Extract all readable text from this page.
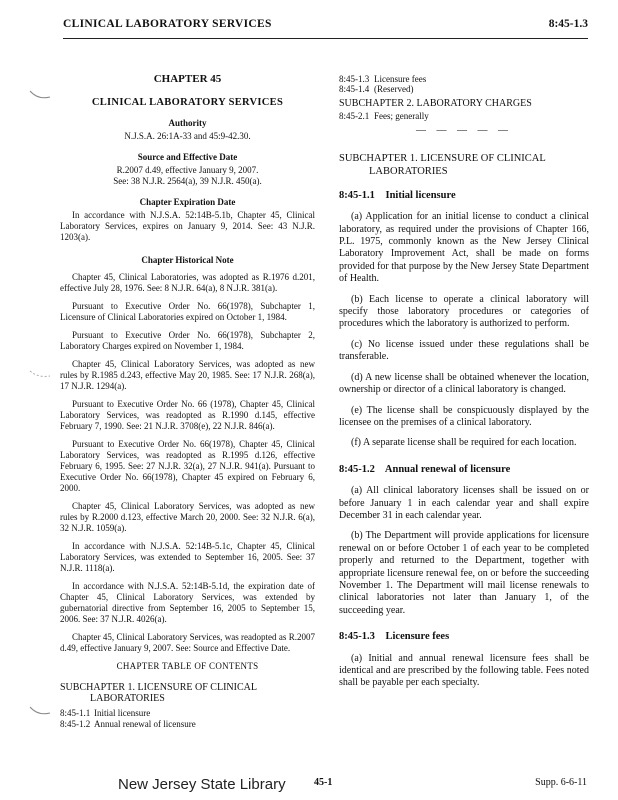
CLINICAL LABORATORY SERVICES	8:45-1.3
CHAPTER 45
CLINICAL LABORATORY SERVICES
Authority
N.J.S.A. 26:1A-33 and 45:9-42.30.
Source and Effective Date
R.2007 d.49, effective January 9, 2007.
See: 38 N.J.R. 2564(a), 39 N.J.R. 450(a).
Chapter Expiration Date

In accordance with N.J.S.A. 52:14B-5.1b, Chapter 45, Clinical Laboratory Services, expires on January 9, 2014. See: 43 N.J.R. 1203(a).

Chapter Historical Note

Chapter 45, Clinical Laboratories, was adopted as R.1976 d.201, effective July 28, 1976. See: 8 N.J.R. 64(a), 8 N.J.R. 381(a).

Pursuant to Executive Order No. 66(1978), Subchapter 1, Licensure of Clinical Laboratories expired on October 1, 1984.

Pursuant to Executive Order No. 66(1978), Subchapter 2, Laboratory Charges expired on November 1, 1984.

Chapter 45, Clinical Laboratory Services, was adopted as new rules by R.1985 d.243, effective May 20, 1985. See: 17 N.J.R. 268(a), 17 N.J.R. 1294(a).

Pursuant to Executive Order No. 66 (1978), Chapter 45, Clinical Laboratory Services, was readopted as R.1990 d.145, effective February 7, 1990. See: 21 N.J.R. 3708(e), 22 N.J.R. 846(a).

Pursuant to Executive Order No. 66(1978), Chapter 45, Clinical Laboratory Services, was readopted as R.1995 d.126, effective February 6, 1995. See: 27 N.J.R. 32(a), 27 N.J.R. 941(a). Pursuant to Executive Order No. 66(1978), Chapter 45 expired on February 6, 2000.

Chapter 45, Clinical Laboratory Services, was adopted as new rules by R.2000 d.123, effective March 20, 2000. See: 32 N.J.R. 6(a), 32 N.J.R. 1059(a).

In accordance with N.J.S.A. 52:14B-5.1c, Chapter 45, Clinical Laboratory Services, was extended to September 16, 2005. See: 37 N.J.R. 1118(a).

In accordance with N.J.S.A. 52:14B-5.1d, the expiration date of Chapter 45, Clinical Laboratory Services, was extended by gubernatorial directive from September 16, 2005 to September 15, 2006. See: 37 N.J.R. 4026(a).

Chapter 45, Clinical Laboratory Services, was readopted as R.2007 d.49, effective January 9, 2007. See: Source and Effective Date.

CHAPTER TABLE OF CONTENTS
SUBCHAPTER 1. LICENSURE OF CLINICAL
LABORATORIES
8:45-1.1 Initial licensure
8:45-1.2 Annual renewal of licensure
8:45-1.3 Licensure fees
8:45-1.4 (Reserved)
SUBCHAPTER 2. LABORATORY CHARGES
8:45-2.1 Fees; generally
— — — — —
SUBCHAPTER 1. LICENSURE OF CLINICAL
LABORATORIES
8:45-1.1 Initial licensure

(a) Application for an initial license to conduct a clinical laboratory, as required under the provisions of Chapter 166, P.L. 1975, commonly known as the New Jersey Clinical Laboratory Improvement Act, shall be made on forms provided for that purpose by the New Jersey State Department of Health.

(b) Each license to operate a clinical laboratory will specify those laboratory procedures or categories of procedures which the laboratory is authorized to perform.

(c) No license issued under these regulations shall be transferable.

(d) A new license shall be obtained whenever the location, ownership or director of a clinical laboratory is changed.

(e) The license shall be conspicuously displayed by the licensee on the premises of a clinical laboratory.

(f) A separate license shall be required for each location.

8:45-1.2 Annual renewal of licensure

(a) All clinical laboratory licenses shall be issued on or before January 1 in each calendar year and shall expire December 31 in each calendar year.

(b) The Department will provide applications for licensure renewal on or before October 1 of each year to be completed properly and returned to the Department, together with appropriate licensure renewal fee, on or before the succeeding November 1. The Department will mail license renewals to clinical laboratories not later than January 1, of the succeeding year.

8:45-1.3 Licensure fees

(a) Initial and annual renewal licensure fees shall be identical and are prescribed by the following table. Fees noted shall be payable per each specialty.

New Jersey State Library	45-1	Supp. 6-6-11
